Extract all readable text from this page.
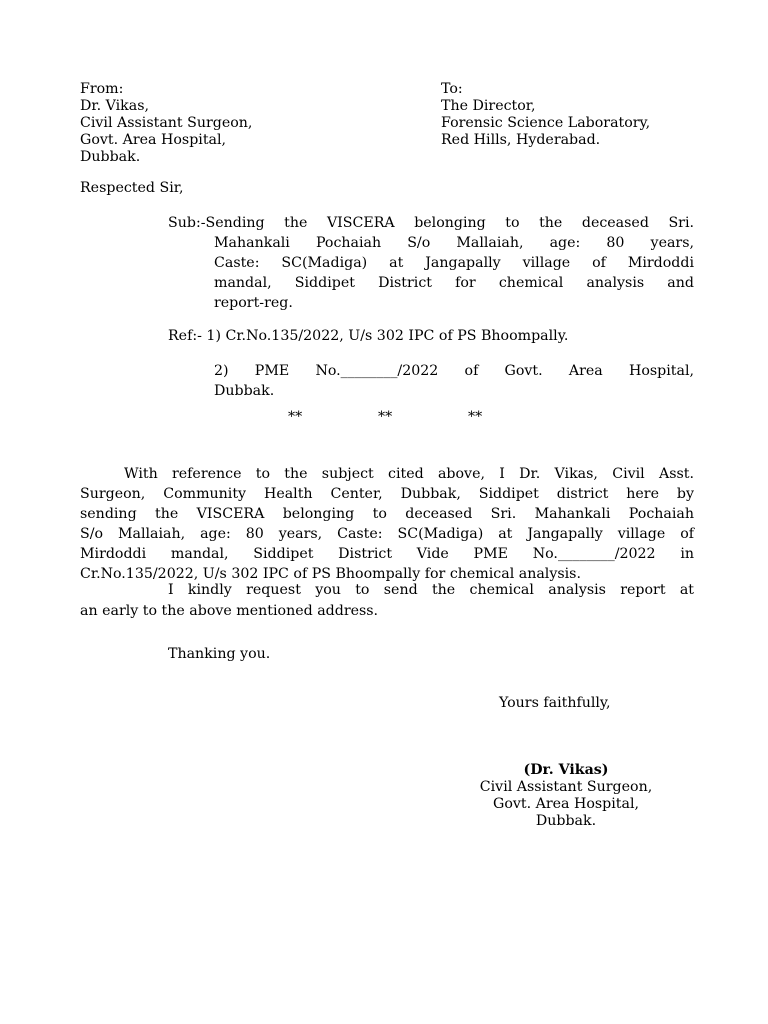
From:
Dr. Vikas,
Civil Assistant Surgeon,
Govt. Area Hospital,
Dubbak.
To:
The Director,
Forensic Science Laboratory,
Red Hills, Hyderabad.
Respected Sir,
Sub:-Sending the VISCERA belonging to the deceased Sri.
Mahankali Pochaiah S/o Mallaiah, age: 80 years,
Caste: SC(Madiga) at Jangapally village of Mirdoddi
mandal, Siddipet District for chemical analysis and
report-reg.
Ref:- 1) Cr.No.135/2022, U/s 302 IPC of PS Bhoompally.
2) PME No.________/2022 of Govt. Area Hospital,
Dubbak.
**	**	**
With reference to the subject cited above, I Dr. Vikas, Civil Asst.
Surgeon, Community Health Center, Dubbak, Siddipet district here by
sending the VISCERA belonging to deceased Sri. Mahankali Pochaiah
S/o Mallaiah, age: 80 years, Caste: SC(Madiga) at Jangapally village of
Mirdoddi mandal, Siddipet District Vide PME No.________/2022 in
Cr.No.135/2022, U/s 302 IPC of PS Bhoompally for chemical analysis.
I kindly request you to send the chemical analysis report at
an early to the above mentioned address.
Thanking you.
Yours faithfully,
(Dr. Vikas)
Civil Assistant Surgeon,
Govt. Area Hospital,
Dubbak.
